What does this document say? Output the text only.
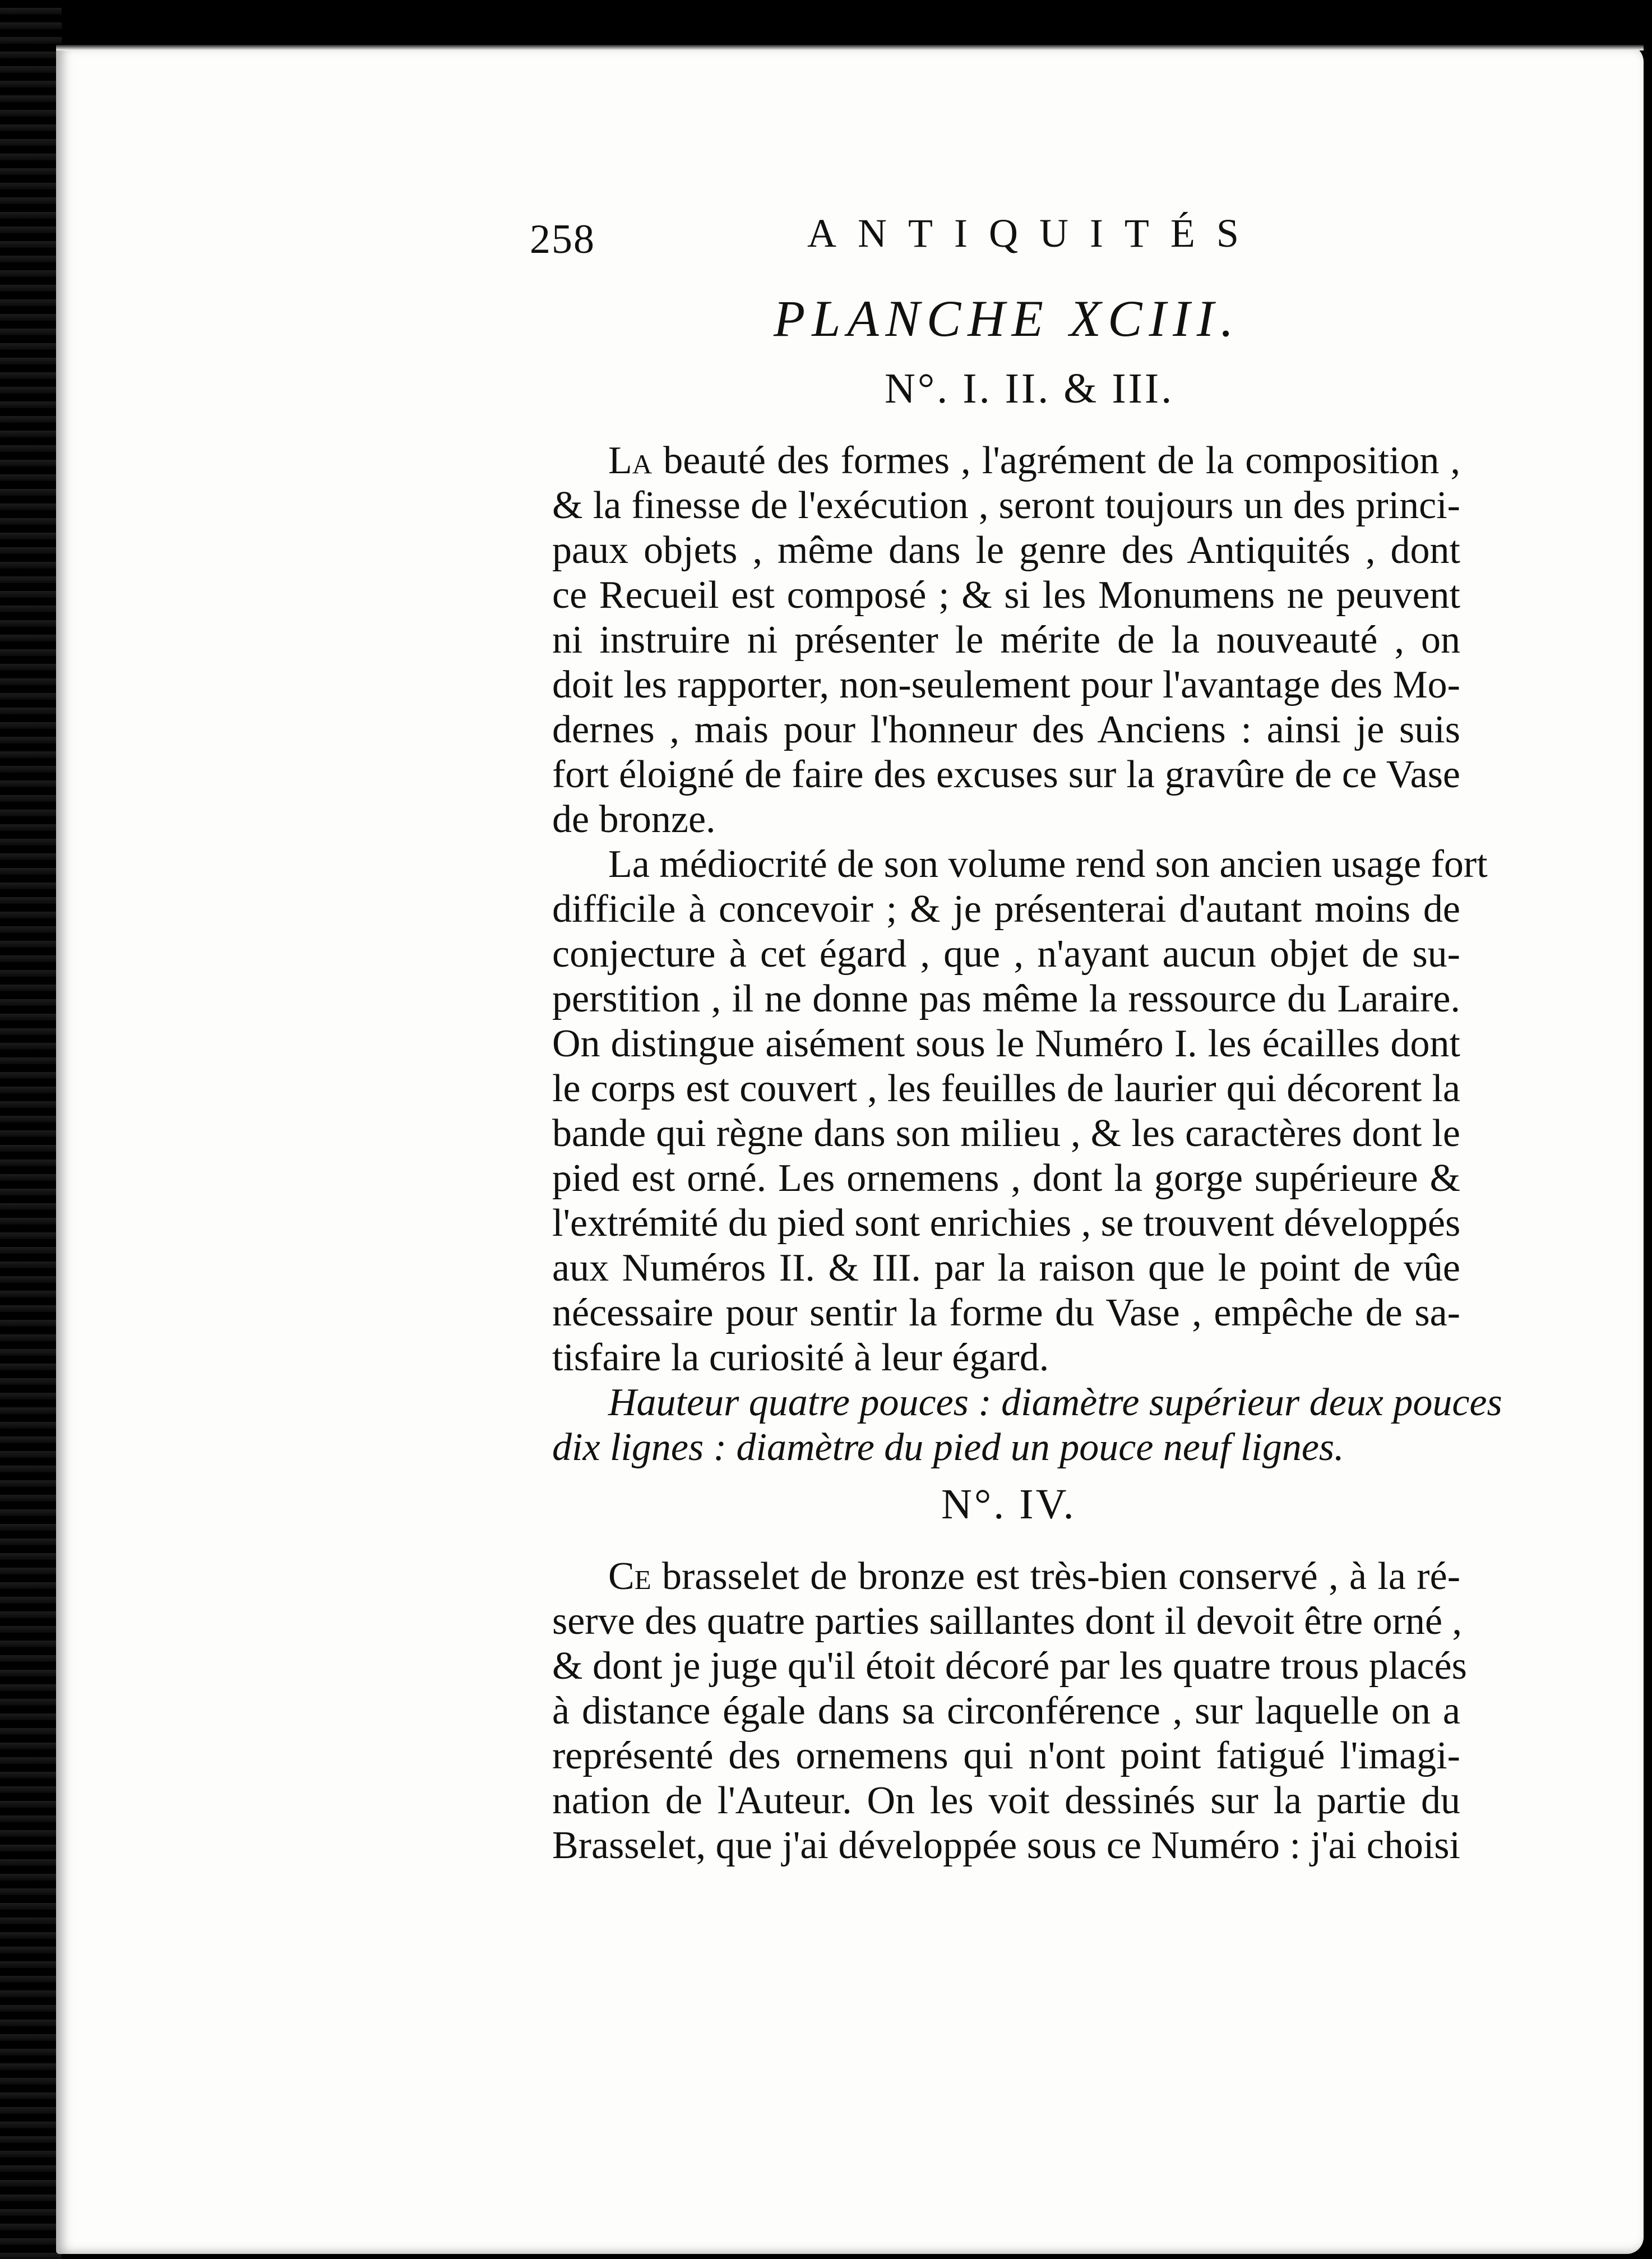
258	ANTIQUITÉS
PLANCHE XCIII.
N°. I. II. & III.
La beauté des formes , l'agrément de la composition ,
& la finesse de l'exécution , seront toujours un des princi-
paux objets , même dans le genre des Antiquités , dont
ce Recueil est composé ; & si les Monumens ne peuvent
ni instruire ni présenter le mérite de la nouveauté , on
doit les rapporter, non-seulement pour l'avantage des Mo-
dernes , mais pour l'honneur des Anciens : ainsi je suis
fort éloigné de faire des excuses sur la gravûre de ce Vase
de bronze.
La médiocrité de son volume rend son ancien usage fort
difficile à concevoir ; & je présenterai d'autant moins de
conjecture à cet égard , que , n'ayant aucun objet de su-
perstition , il ne donne pas même la ressource du Laraire.
On distingue aisément sous le Numéro I. les écailles dont
le corps est couvert , les feuilles de laurier qui décorent la
bande qui règne dans son milieu , & les caractères dont le
pied est orné. Les ornemens , dont la gorge supérieure &
l'extrémité du pied sont enrichies , se trouvent développés
aux Numéros II. & III. par la raison que le point de vûe
nécessaire pour sentir la forme du Vase , empêche de sa-
tisfaire la curiosité à leur égard.
Hauteur quatre pouces : diamètre supérieur deux pouces
dix lignes : diamètre du pied un pouce neuf lignes.
N°. IV.
Ce brasselet de bronze est très-bien conservé , à la ré-
serve des quatre parties saillantes dont il devoit être orné ,
& dont je juge qu'il étoit décoré par les quatre trous placés
à distance égale dans sa circonférence , sur laquelle on a
représenté des ornemens qui n'ont point fatigué l'imagi-
nation de l'Auteur. On les voit dessinés sur la partie du
Brasselet, que j'ai développée sous ce Numéro : j'ai choisi
